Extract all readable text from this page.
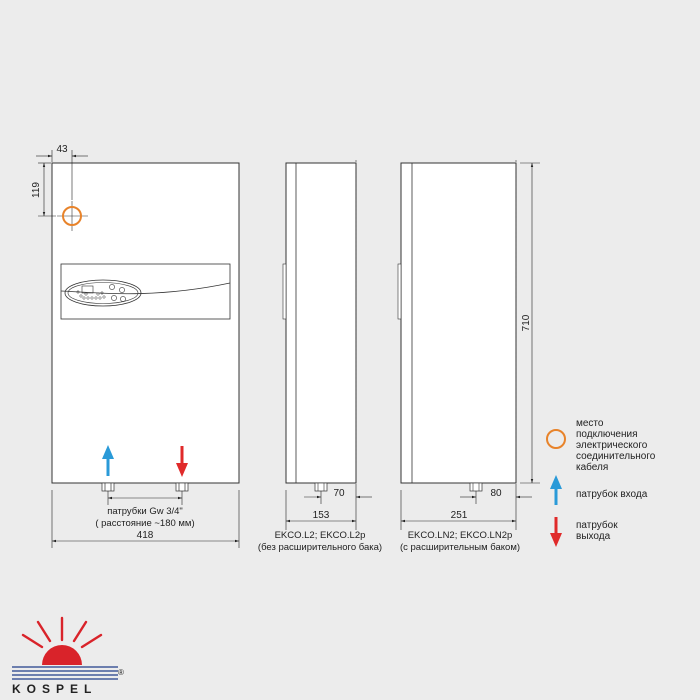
43
119
418
70
153
80
251
710
патрубки Gw 3/4"
( расстояние ~180 мм)
EKCO.L2; EKCO.L2p
(без расширительного бака)
EKCO.LN2; EKCO.LN2p
(с расширительным баком)
место
подключения
электрического
соединительного
кабеля
патрубок входа
патрубок
выхода
KOSPEL
®
